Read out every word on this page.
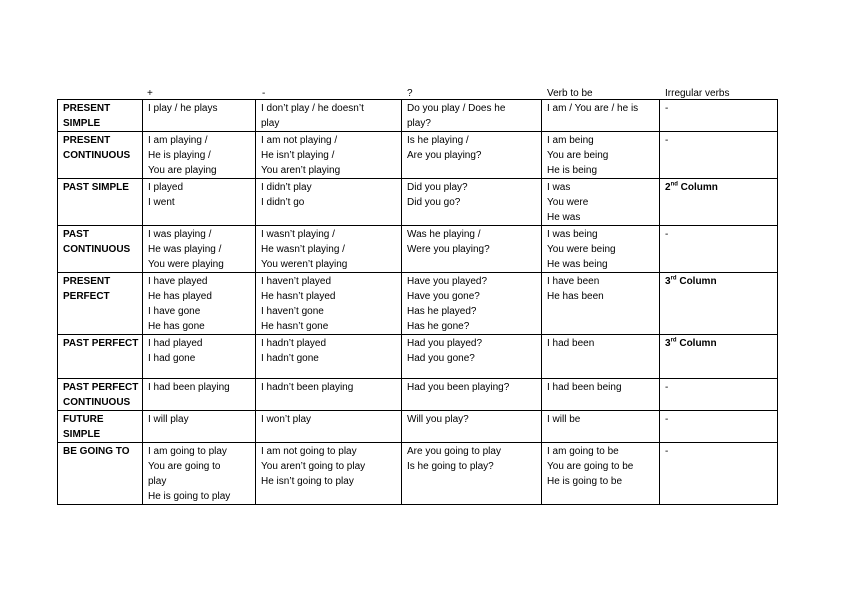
+	-	?	Verb to be	Irregular verbs
PRESENT
SIMPLE	I play / he plays	I don’t play / he doesn’t
play	Do you play / Does he
play?	I am / You are / he is	-

PRESENT
CONTINUOUS	I am playing /
He is playing /
You are playing	I am not playing /
He isn’t playing /
You aren’t playing	Is he playing /
Are you playing?	I am being
You are being
He is being	-

PAST SIMPLE	I played
I went	I didn’t play
I didn’t go	Did you play?
Did you go?	I was
You were
He was	2nd Column

PAST
CONTINUOUS	I was playing /
He was playing /
You were playing	I wasn’t playing /
He wasn’t playing /
You weren’t playing	Was he playing /
Were you playing?	I was being
You were being
He was being	-

PRESENT
PERFECT	I have played
He has played
I have gone
He has gone	I haven’t played
He hasn’t played
I haven’t gone
He hasn’t gone	Have you played?
Have you gone?
Has he played?
Has he gone?	I have been
He has been	3rd Column

PAST PERFECT	I had played
I had gone	I hadn’t played
I hadn’t gone	Had you played?
Had you gone?	I had been	3rd Column

PAST PERFECT
CONTINUOUS	I had been playing	I hadn’t been playing	Had you been playing?	I had been being	-

FUTURE
SIMPLE	I will play	I won’t play	Will you play?	I will be	-

BE GOING TO	I am going to play
You are going to
play
He is going to play	I am not going to play
You aren’t going to play
He isn’t going to play	Are you going to play
Is he going to play?	I am going to be
You are going to be
He is going to be	-
